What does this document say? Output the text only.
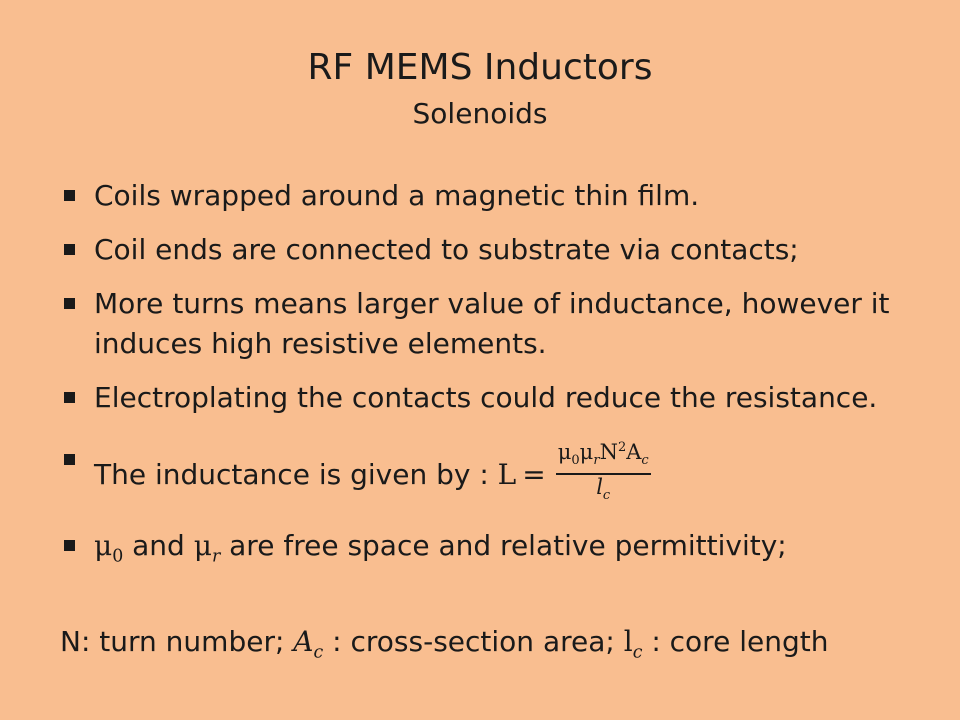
RF MEMS Inductors
Solenoids
Coils wrapped around a magnetic thin film.
Coil ends are connected to substrate via contacts;
More turns means larger value of inductance, however it induces high resistive elements.
Electroplating the contacts could reduce the resistance.
The inductance is given by : $L = \frac{\mu_0\mu_rN^2A_c}{l_c}$
$\mu_0$ and $\mu_r$ are free space and relative permittivity;
N: turn number; $A_c$ : cross-section area; $l_c$ : core length
